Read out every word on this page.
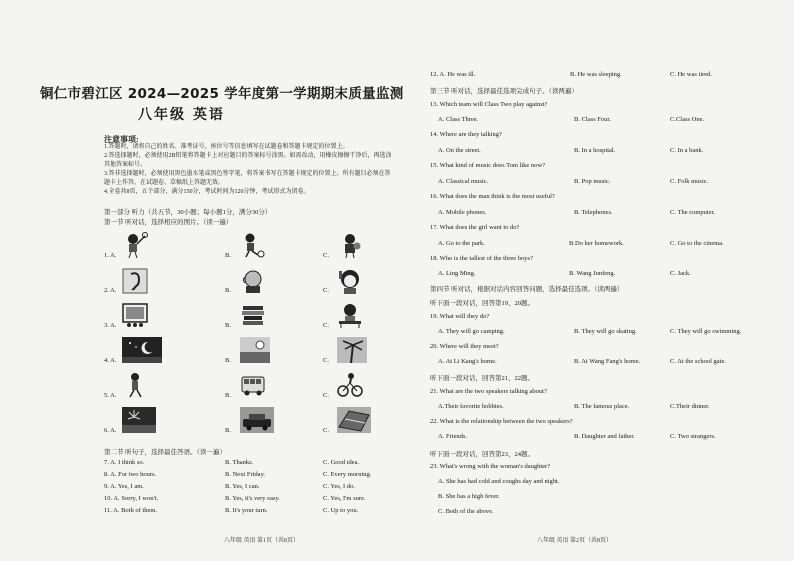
铜仁市碧江区 2024—2025 学年度第一学期期末质量监测
八年级 英语
注意事项:
1.答题时，请将自己的姓名、准考证号、座位号等信息填写在试题卷和答题卡规定的位置上。
2.答选择题时，必须使用2B铅笔将答题卡上对应题目的答案标号涂黑。如需改动，用橡皮擦擦干净后，再选涂其他答案标号。
3.答非选择题时，必须使用黑色墨水笔或黑色签字笔，将答案书写在答题卡规定的位置上。所有题目必须在答题卡上作答，在试题卷、草稿纸上答题无效。
4.全卷共8页，五个部分，满分150分，考试时间为120分钟，考试形式为闭卷。
第一部分 听力（共五节，30小题；每小题1分，满分30分）
第一节 听对话，选择相应的图片。（读一遍）
1. A.	B.	C.
2. A.	B.	C.
3. A.	B.	C.
4. A.	B.	C.
5. A.	B.	C.
6. A.	B.	C.
第二节 听句子，选择最佳答语。（读一遍）
7. A. I think so.	B. Thanks.	C. Good idea.
8. A. For two hours.	B. Next Friday.	C. Every morning.
9. A. Yes, I am.	B. Yes, I can.	C. Yes, I do.
10. A. Sorry, I won't.	B. Yes, it's very easy.	C. Yes, I'm sure.
11. A. Both of them.	B. It's your turn.	C. Up to you.
八年级 英语 第1页（共8页）
12. A. He was ill.	B. He was sleeping.	C. He was tired.
第三节 听对话，选择最佳选项完成句子。（读两遍）
13. Which team will Class Two play against?
A. Class Three.	B. Class Four.	C.Class One.
14. Where are they talking?
A. On the street.	B. In a hospital.	C. In a bank.
15. What kind of music does Tom like now?
A. Classical music.	B. Pop music.	C. Folk music.
16. What does the man think is the most useful?
A. Mobile phones.	B. Telephones.	C. The computer.
17. What does the girl want to do?
A. Go to the park.	B.Do her homework.	C. Go to the cinema.
18. Who is the tallest of the three boys?
A. Ling Ming.	B. Wang Junfeng.	C. Jack.
第四节 听对话，根据对话内容回答问题，选择最佳选项。（读两遍）
听下面一段对话，回答第19、20题。
19. What will they do?
A. They will go camping.	B. They will go skating.	C. They will go swimming.
20. Where will they meet?
A. At Li Kang's home.	B. At Wang Fang's home.	C. At the school gate.
听下面一段对话，回答第21、22题。
21. What are the two speakers talking about?
A.Their favorite hobbies.	B. The famous place.	C.Their dinner.
22. What is the relationship between the two speakers?
A. Friends.	B. Daughter and father.	C. Two strangers.
听下面一段对话，回答第23、24题。
23. What's wrong with the woman's daughter?
A. She has had cold and coughs day and night.
B. She has a high fever.
C. Both of the above.
八年级 英语 第2页（共8页）
